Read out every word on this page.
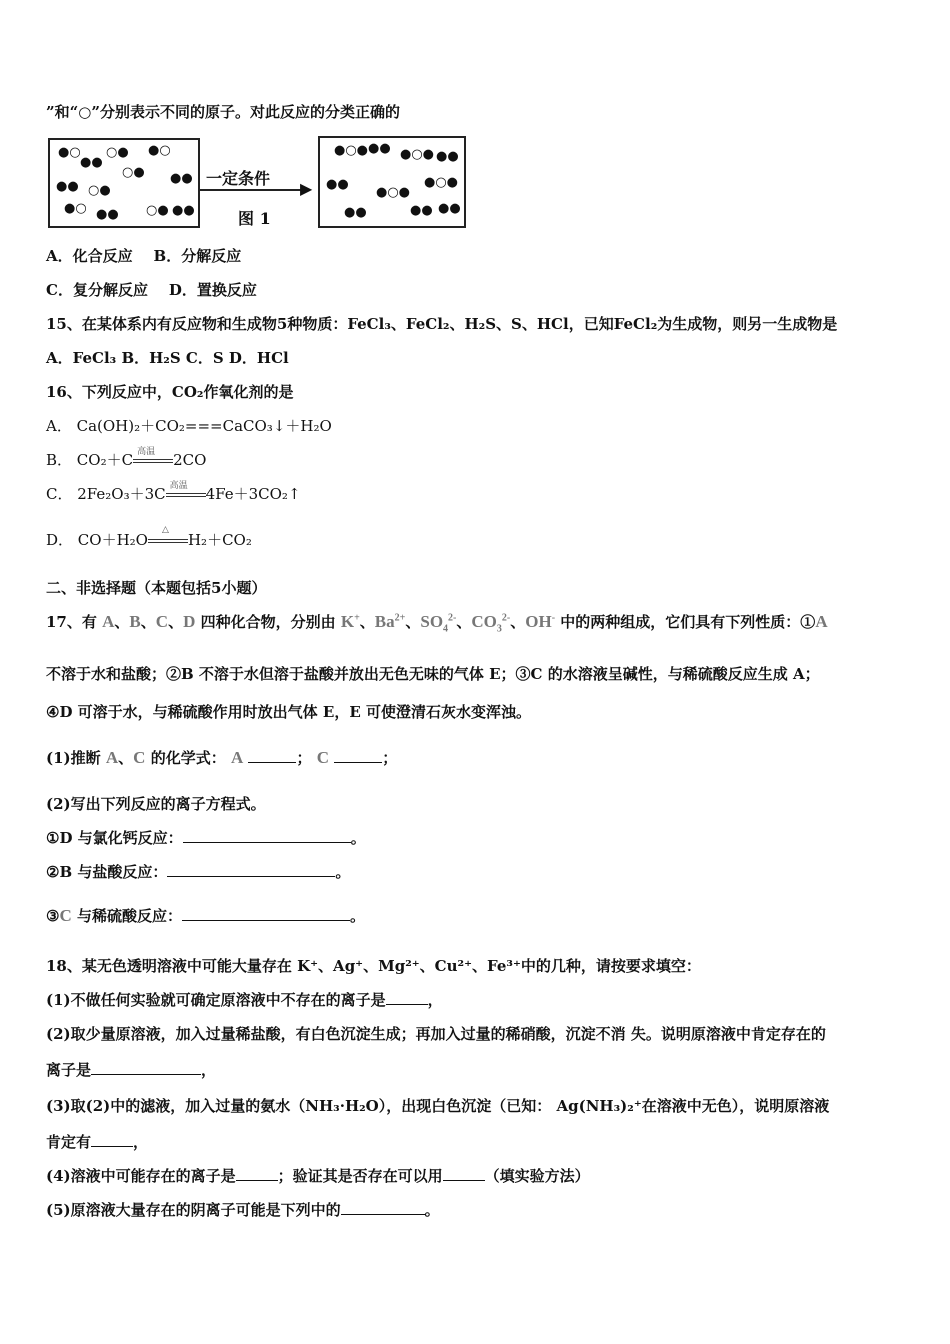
”和“○”分别表示不同的原子。对此反应的分类正确的
●○
●●
○● ●○
○● ●●
●● ○●
●○ ●● ○● ●●
一定条件
▶
图 1
●○● ●● ●○● ●●
●●
●○●
●○●
●●	●● ●●
A．化合反应 B．分解反应
C．复分解反应 D．置换反应
15、在某体系内有反应物和生成物5种物质：FeCl₃、FeCl₂、H₂S、S、HCl，已知FeCl₂为生成物，则另一生成物是
A．FeCl₃ B．H₂S C．S D．HCl
16、下列反应中，CO₂作氧化剂的是
A． Ca(OH)₂＋CO₂===CaCO₃↓＋H₂O
B． CO₂＋C 高温 2CO
C． 2Fe₂O₃＋3C 高温 4Fe＋3CO₂↑
D． CO＋H₂O
△
H₂＋CO₂
二、非选择题（本题包括5小题）
17、有 A、B、C、D 四种化合物，分别由 K+、$Ba^{2+}$、$SO_4^{2-}$、$CO_3^{2-}$、OH- 中的两种组成，它们具有下列性质：①A
不溶于水和盐酸；②B 不溶于水但溶于盐酸并放出无色无味的气体 E；③C 的水溶液呈碱性，与稀硫酸反应生成 A；
④D 可溶于水，与稀硫酸作用时放出气体 E，E 可使澄清石灰水变浑浊。
(1)推断 A、C 的化学式： A	； C	；
(2)写出下列反应的离子方程式。
①D 与氯化钙反应：	。
②B 与盐酸反应：	。
③C 与稀硫酸反应：	。
18、某无色透明溶液中可能大量存在 K⁺、Ag⁺、Mg²⁺、Cu²⁺、Fe³⁺中的几种，请按要求填空：
(1)不做任何实验就可确定原溶液中不存在的离子是	，
(2)取少量原溶液，加入过量稀盐酸，有白色沉淀生成；再加入过量的稀硝酸，沉淀不消 失。说明原溶液中肯定存在的
离子是	，
(3)取(2)中的滤液，加入过量的氨水（NH₃·H₂O），出现白色沉淀（已知： Ag(NH₃)₂⁺在溶液中无色），说明原溶液
肯定有	，
(4)溶液中可能存在的离子是	；验证其是否存在可以用	（填实验方法）
(5)原溶液大量存在的阴离子可能是下列中的	。
